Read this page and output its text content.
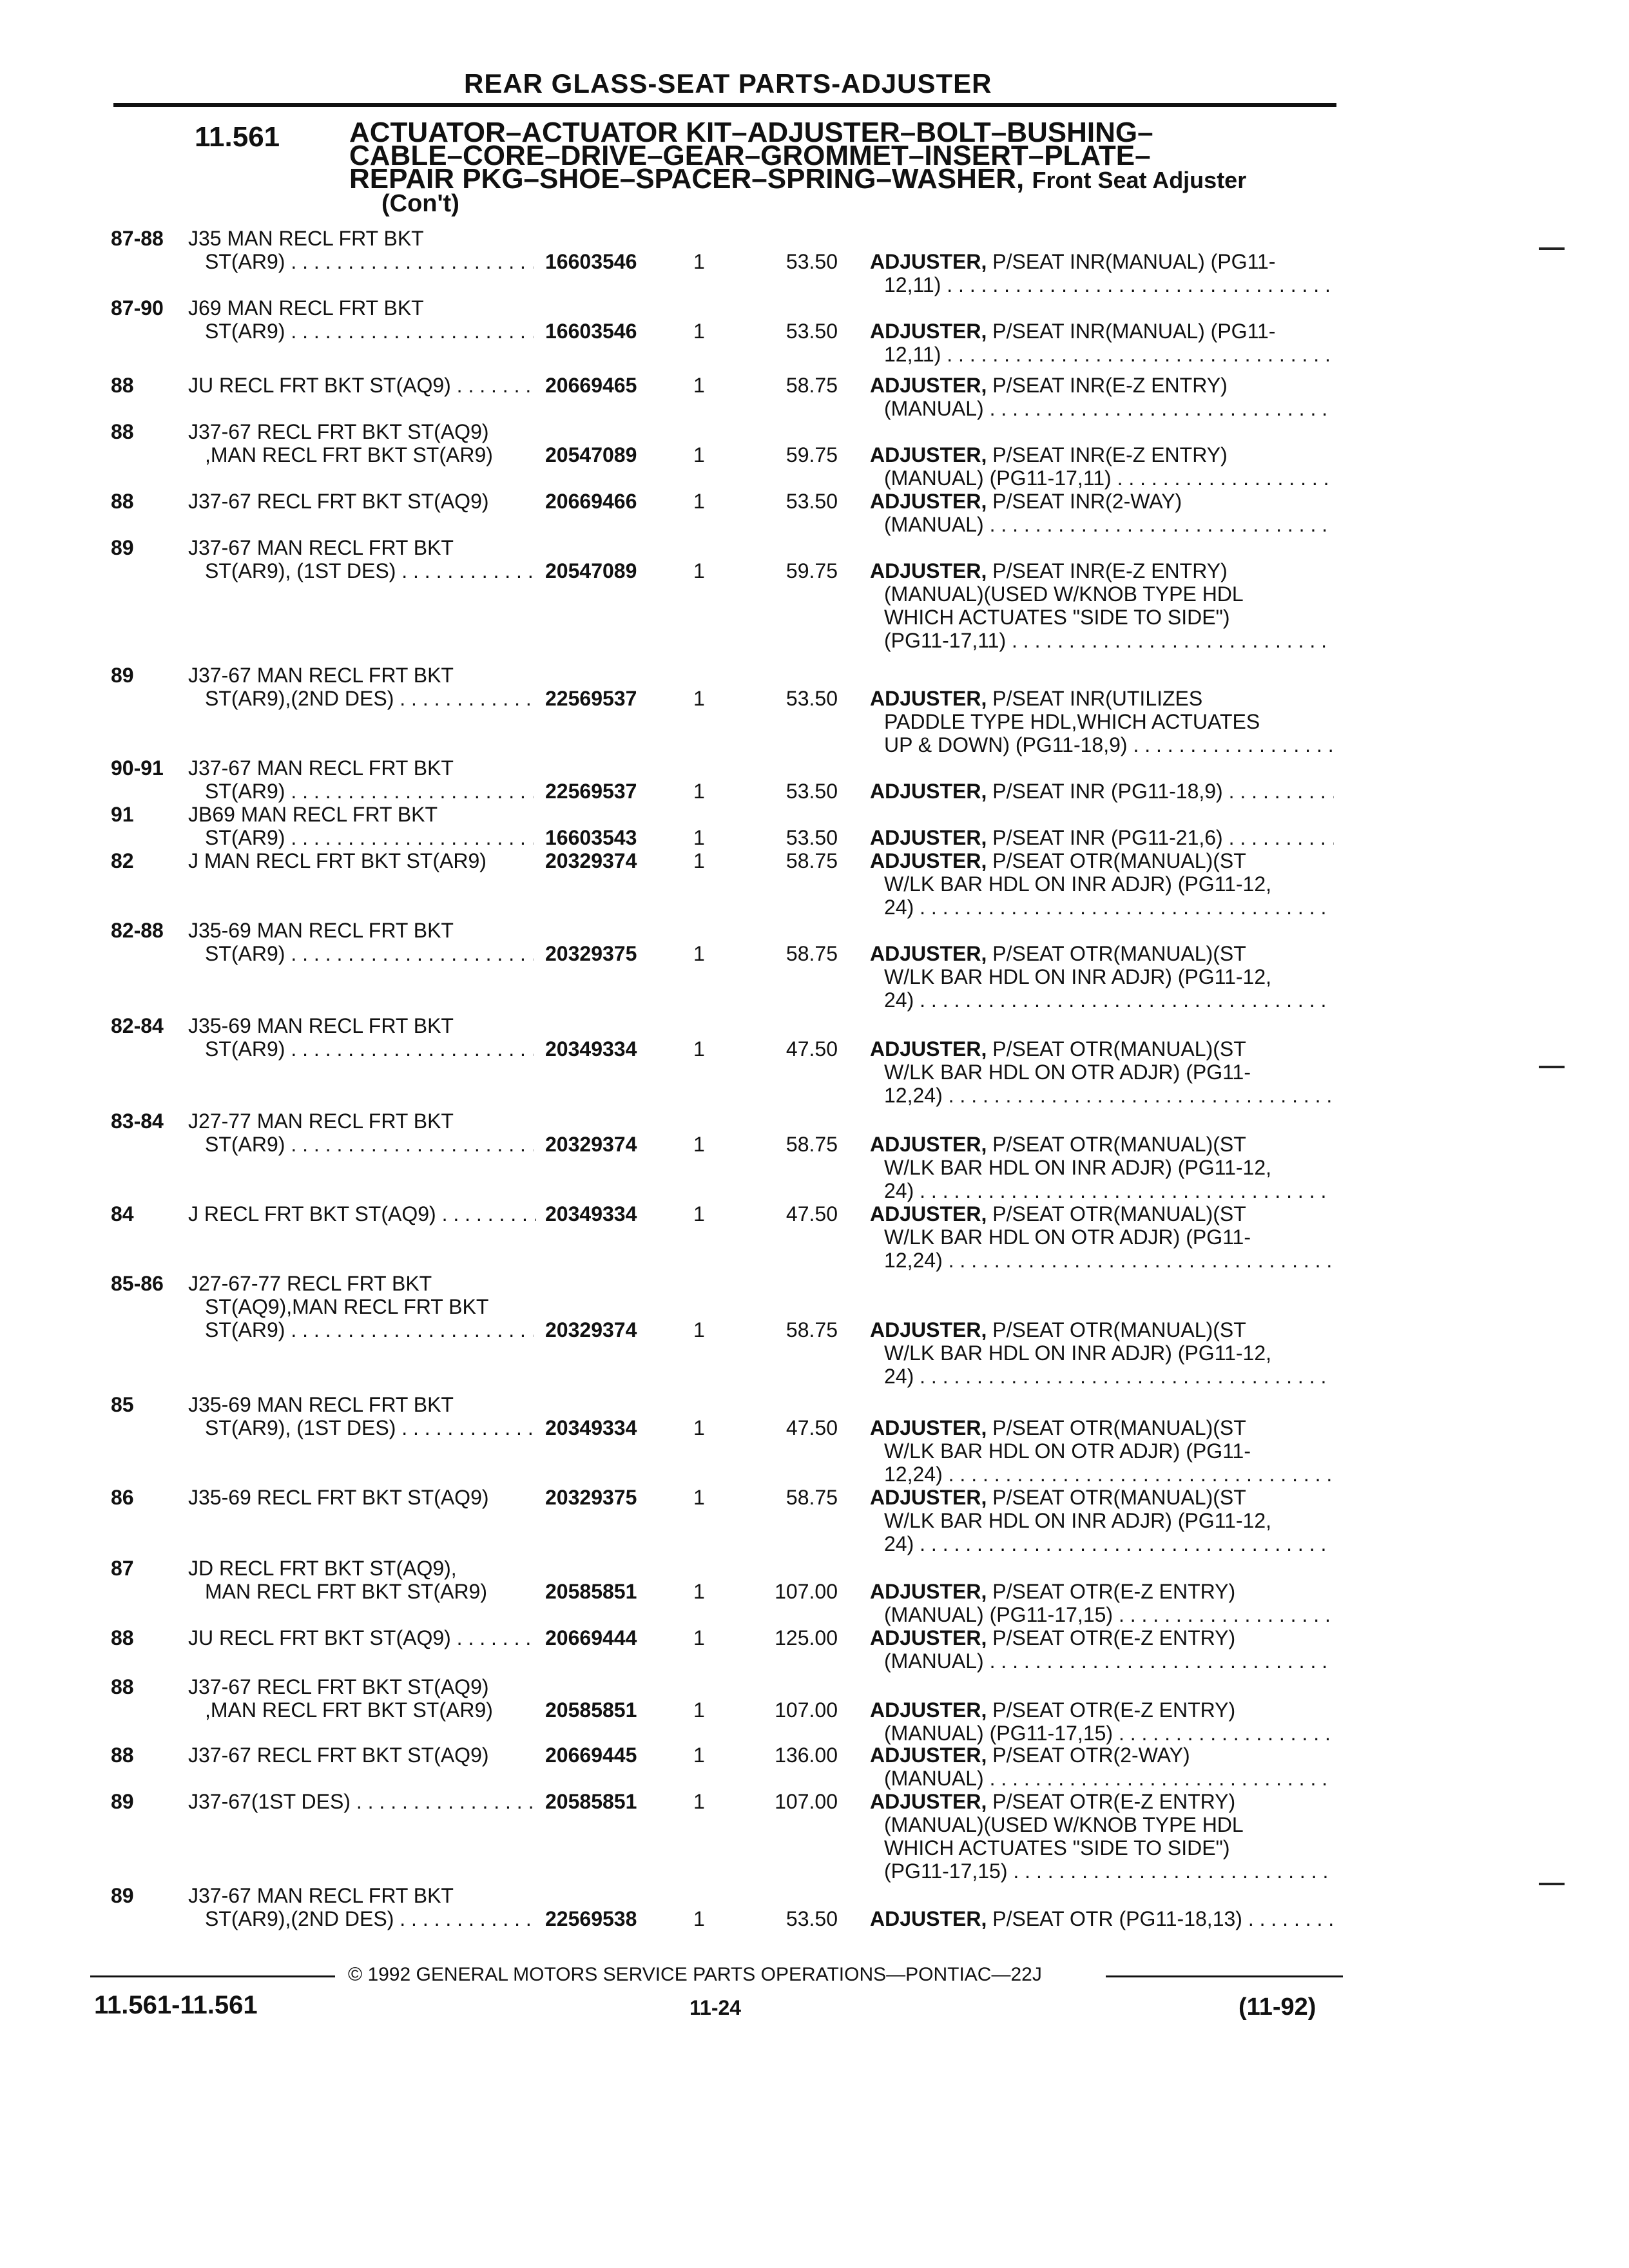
REAR GLASS-SEAT PARTS-ADJUSTER
11.561 ACTUATOR–ACTUATOR KIT–ADJUSTER–BOLT–BUSHING–
CABLE–CORE–DRIVE–GEAR–GROMMET–INSERT–PLATE–
REPAIR PKG–SHOE–SPACER–SPRING–WASHER, Front Seat Adjuster
(Con't)
87-88 J35 MAN RECL FRT BKT
ST(AR9) . . .	16603546	1	53.50 ADJUSTER, P/SEAT INR(MANUAL) (PG11-
12,11) . . .
87-90 J69 MAN RECL FRT BKT
ST(AR9) . . .	16603546	1	53.50 ADJUSTER, P/SEAT INR(MANUAL) (PG11-
12,11) . . .
88	JU RECL FRT BKT ST(AQ9) . . .	20669465	1	58.75 ADJUSTER, P/SEAT INR(E-Z ENTRY)
(MANUAL) . . .
88	J37-67 RECL FRT BKT ST(AQ9)
,MAN RECL FRT BKT ST(AR9)	20547089	1	59.75 ADJUSTER, P/SEAT INR(E-Z ENTRY)
(MANUAL) (PG11-17,11) . . .
88	J37-67 RECL FRT BKT ST(AQ9)	20669466	1	53.50 ADJUSTER, P/SEAT INR(2-WAY)
(MANUAL) . . .
89	J37-67 MAN RECL FRT BKT
ST(AR9), (1ST DES) . . .	20547089	1	59.75 ADJUSTER, P/SEAT INR(E-Z ENTRY)
(MANUAL)(USED W/KNOB TYPE HDL
WHICH ACTUATES "SIDE TO SIDE")
(PG11-17,11) . . .
89	J37-67 MAN RECL FRT BKT
ST(AR9),(2ND DES) . . .	22569537	1	53.50 ADJUSTER, P/SEAT INR(UTILIZES
PADDLE TYPE HDL,WHICH ACTUATES
UP & DOWN) (PG11-18,9) . . .
90-91 J37-67 MAN RECL FRT BKT
ST(AR9) . . .	22569537	1	53.50 ADJUSTER, P/SEAT INR (PG11-18,9) . . .
91	JB69 MAN RECL FRT BKT
ST(AR9) . . .	16603543	1	53.50 ADJUSTER, P/SEAT INR (PG11-21,6) . . .
82	J MAN RECL FRT BKT ST(AR9)	20329374	1	58.75 ADJUSTER, P/SEAT OTR(MANUAL)(ST
W/LK BAR HDL ON INR ADJR) (PG11-12,
24) . . .
82-88 J35-69 MAN RECL FRT BKT
ST(AR9) . . .	20329375	1	58.75 ADJUSTER, P/SEAT OTR(MANUAL)(ST
W/LK BAR HDL ON INR ADJR) (PG11-12,
24) . . .
82-84 J35-69 MAN RECL FRT BKT
ST(AR9) . . .	20349334	1	47.50 ADJUSTER, P/SEAT OTR(MANUAL)(ST
W/LK BAR HDL ON OTR ADJR) (PG11-
12,24) . . .
83-84 J27-77 MAN RECL FRT BKT
ST(AR9) . . .	20329374	1	58.75 ADJUSTER, P/SEAT OTR(MANUAL)(ST
W/LK BAR HDL ON INR ADJR) (PG11-12,
24) . . .
84	J RECL FRT BKT ST(AQ9) . . .	20349334	1	47.50 ADJUSTER, P/SEAT OTR(MANUAL)(ST
W/LK BAR HDL ON OTR ADJR) (PG11-
12,24) . . .
85-86 J27-67-77 RECL FRT BKT
ST(AQ9),MAN RECL FRT BKT
ST(AR9) . . .	20329374	1	58.75 ADJUSTER, P/SEAT OTR(MANUAL)(ST
W/LK BAR HDL ON INR ADJR) (PG11-12,
24) . . .
85	J35-69 MAN RECL FRT BKT
ST(AR9), (1ST DES) . . .	20349334	1	47.50 ADJUSTER, P/SEAT OTR(MANUAL)(ST
W/LK BAR HDL ON OTR ADJR) (PG11-
12,24) . . .
86	J35-69 RECL FRT BKT ST(AQ9)	20329375	1	58.75 ADJUSTER, P/SEAT OTR(MANUAL)(ST
W/LK BAR HDL ON INR ADJR) (PG11-12,
24) . . .
87	JD RECL FRT BKT ST(AQ9),
MAN RECL FRT BKT ST(AR9)	20585851	1	107.00 ADJUSTER, P/SEAT OTR(E-Z ENTRY)
(MANUAL) (PG11-17,15) . . .
88	JU RECL FRT BKT ST(AQ9) . . .	20669444	1	125.00 ADJUSTER, P/SEAT OTR(E-Z ENTRY)
(MANUAL) . . .
88	J37-67 RECL FRT BKT ST(AQ9)
,MAN RECL FRT BKT ST(AR9)	20585851	1	107.00 ADJUSTER, P/SEAT OTR(E-Z ENTRY)
(MANUAL) (PG11-17,15) . . .
88	J37-67 RECL FRT BKT ST(AQ9)	20669445	1	136.00 ADJUSTER, P/SEAT OTR(2-WAY)
(MANUAL) . . .
89	J37-67(1ST DES) . . .	20585851	1	107.00 ADJUSTER, P/SEAT OTR(E-Z ENTRY)
(MANUAL)(USED W/KNOB TYPE HDL
WHICH ACTUATES "SIDE TO SIDE")
(PG11-17,15) . . .
89	J37-67 MAN RECL FRT BKT
ST(AR9),(2ND DES) . . .	22569538	1	53.50 ADJUSTER, P/SEAT OTR (PG11-18,13) . . .
© 1992 GENERAL MOTORS SERVICE PARTS OPERATIONS—PONTIAC—22J
11.561-11.561	11-24	(11-92)
